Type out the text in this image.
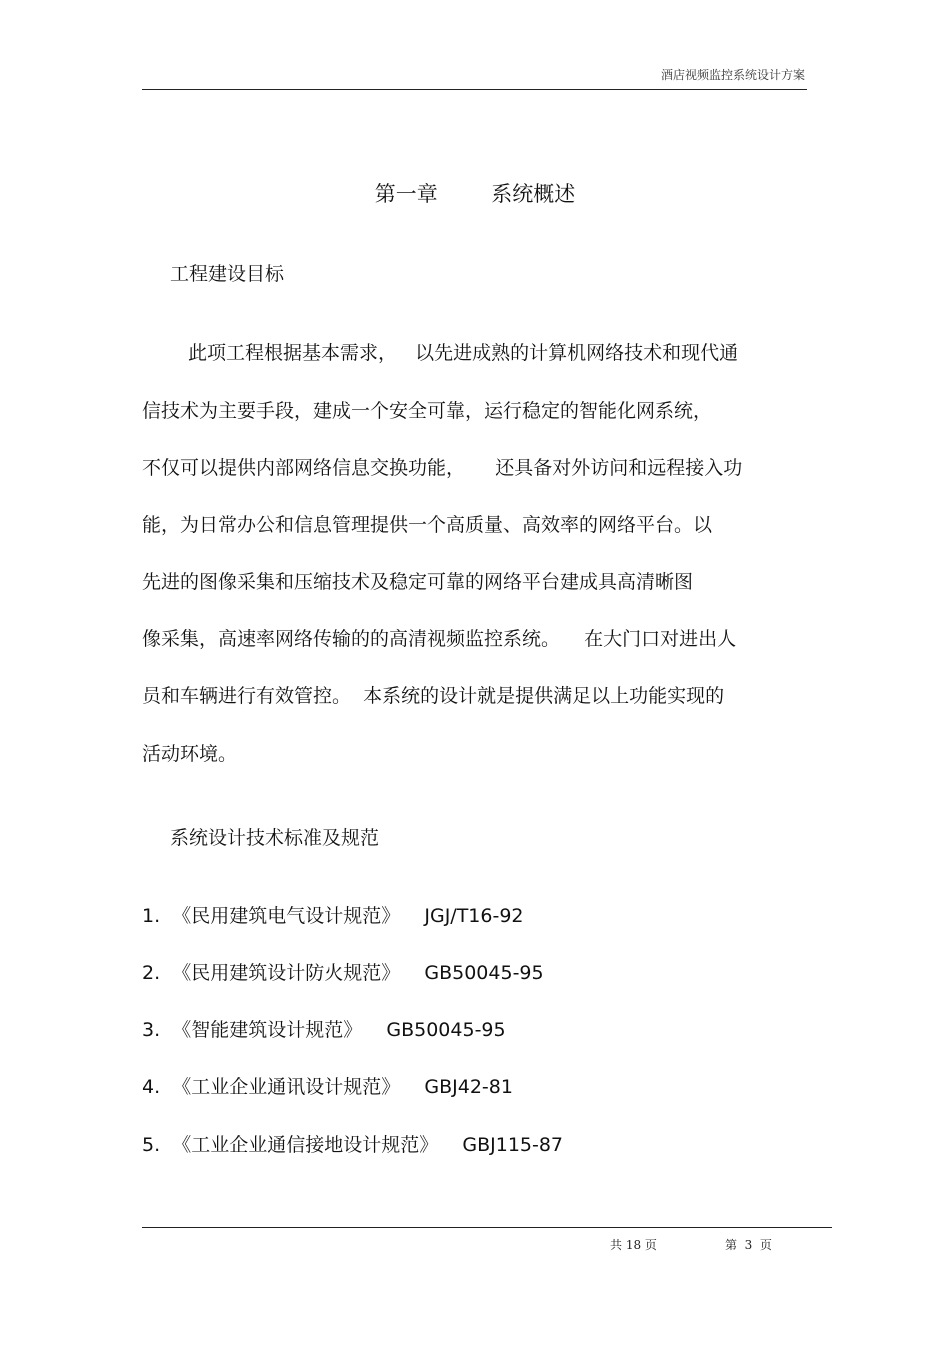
酒店视频监控系统设计方案
第一章        系统概述
工程建设目标
此项工程根据基本需求，   以先进成熟的计算机网络技术和现代通
信技术为主要手段，建成一个安全可靠，运行稳定的智能化网系统，
不仅可以提供内部网络信息交换功能，     还具备对外访问和远程接入功
能，为日常办公和信息管理提供一个高质量、高效率的网络平台。以
先进的图像采集和压缩技术及稳定可靠的网络平台建成具高清晰图
像采集，高速率网络传输的的高清视频监控系统。    在大门口对进出人
员和车辆进行有效管控。  本系统的设计就是提供满足以上功能实现的
活动环境。
系统设计技术标准及规范
1.  《民用建筑电气设计规范》    JGJ/T16-92
2.  《民用建筑设计防火规范》    GB50045-95
3.  《智能建筑设计规范》    GB50045-95
4.  《工业企业通讯设计规范》    GBJ42-81
5.  《工业企业通信接地设计规范》    GBJ115-87
共 18 页	第  3  页
